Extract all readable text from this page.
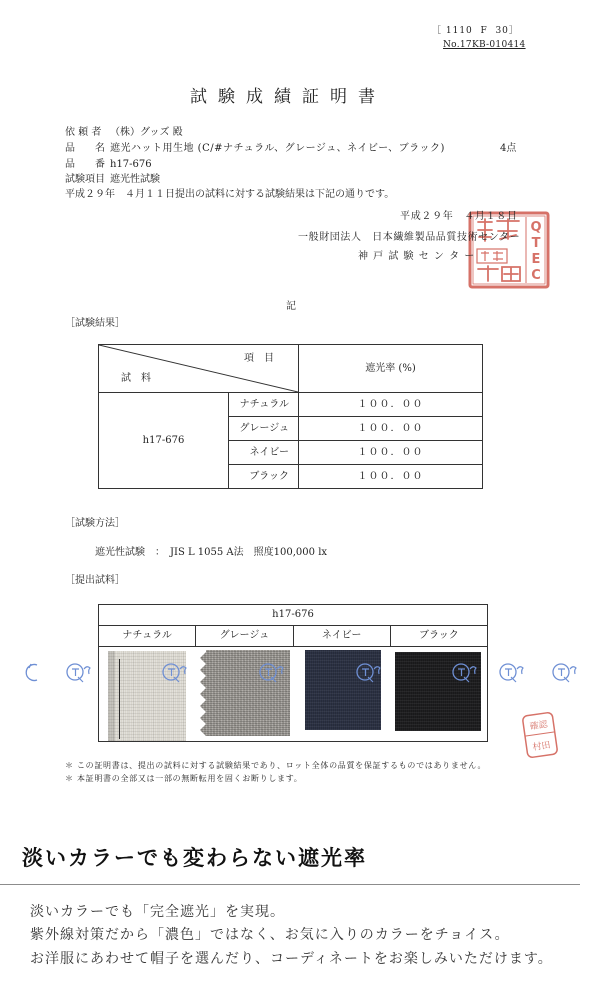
［ 1110  F  30］
No.17KB-010414
試験成績証明書
依 頼 者 （株）グッズ 殿
品　　名 遮光ハット用生地 (C/#ナチュラル、グレージュ、ネイビー、ブラック)	4点
品　　番 h17-676
試験項目 遮光性試験
平成２９年　４月１１日提出の試料に対する試験結果は下記の通りです。
Q
T
E
C
平成２９年　４月１８日
一般財団法人　日本繊維製品品質技術センター
神 戸 試 験 セ ン タ ー
記
［試験結果］
項　目
試　料		遮光率 (%)
h17-676	ナチュラル	１００．００
	グレージュ	１００．００
	ネイビー	１００．００
	ブラック	１００．００
［試験方法］
遮光性試験　：　JIS L 1055 A法　照度100,000 lx
［提出試料］
h17-676
ナチュラル	グレージュ	ネイビー	ブラック
確認
村田
＊ この証明書は、提出の試料に対する試験結果であり、ロット全体の品質を保証するものではありません。
＊ 本証明書の全部又は一部の無断転用を固くお断りします。
淡いカラーでも変わらない遮光率
淡いカラーでも「完全遮光」を実現。
紫外線対策だから「濃色」ではなく、お気に入りのカラーをチョイス。
お洋服にあわせて帽子を選んだり、コーディネートをお楽しみいただけます。
